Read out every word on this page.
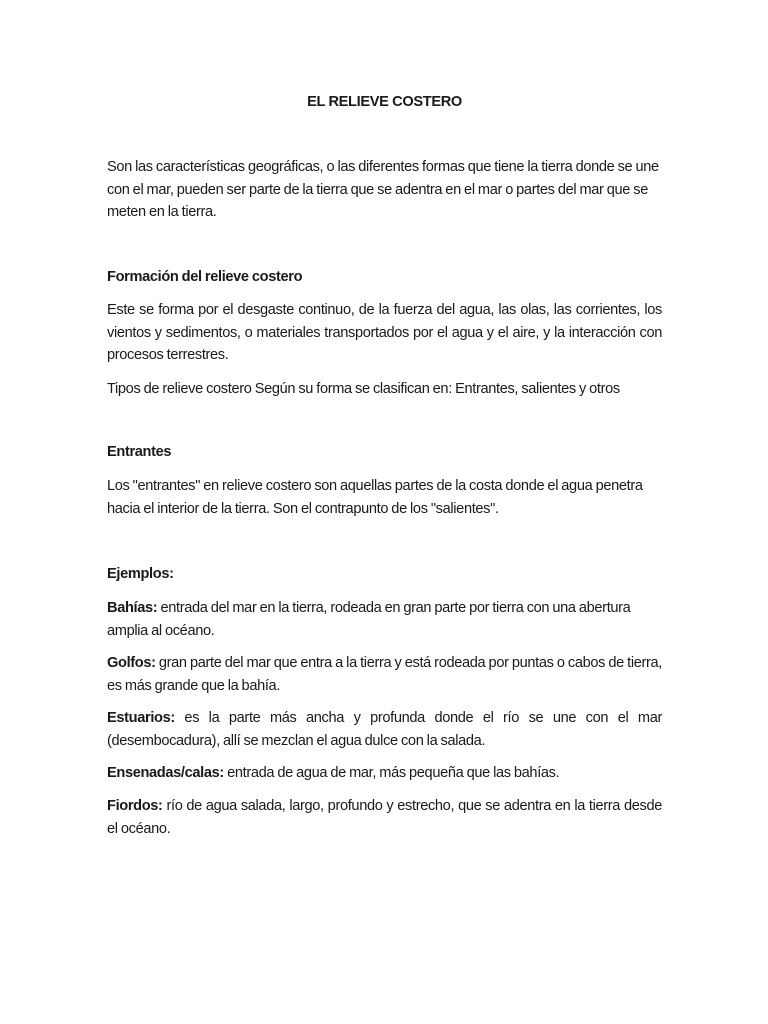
EL RELIEVE COSTERO

Son las características geográficas, o las diferentes formas que tiene la tierra donde se une con el mar, pueden ser parte de la tierra que se adentra en el mar o partes del mar que se meten en la tierra.

Formación del relieve costero

Este se forma por el desgaste continuo, de la fuerza del agua, las olas, las corrientes, los vientos y sedimentos, o materiales transportados por el agua y el aire, y la interacción con procesos terrestres.

Tipos de relieve costero Según su forma se clasifican en: Entrantes, salientes y otros

Entrantes

Los "entrantes" en relieve costero son aquellas partes de la costa donde el agua penetra hacia el interior de la tierra. Son el contrapunto de los "salientes".

Ejemplos:

Bahías: entrada del mar en la tierra, rodeada en gran parte por tierra con una abertura amplia al océano.

Golfos: gran parte del mar que entra a la tierra y está rodeada por puntas o cabos de tierra, es más grande que la bahía.

Estuarios: es la parte más ancha y profunda donde el río se une con el mar (desembocadura), allí se mezclan el agua dulce con la salada.

Ensenadas/calas: entrada de agua de mar, más pequeña que las bahías.

Fiordos: río de agua salada, largo, profundo y estrecho, que se adentra en la tierra desde el océano.
